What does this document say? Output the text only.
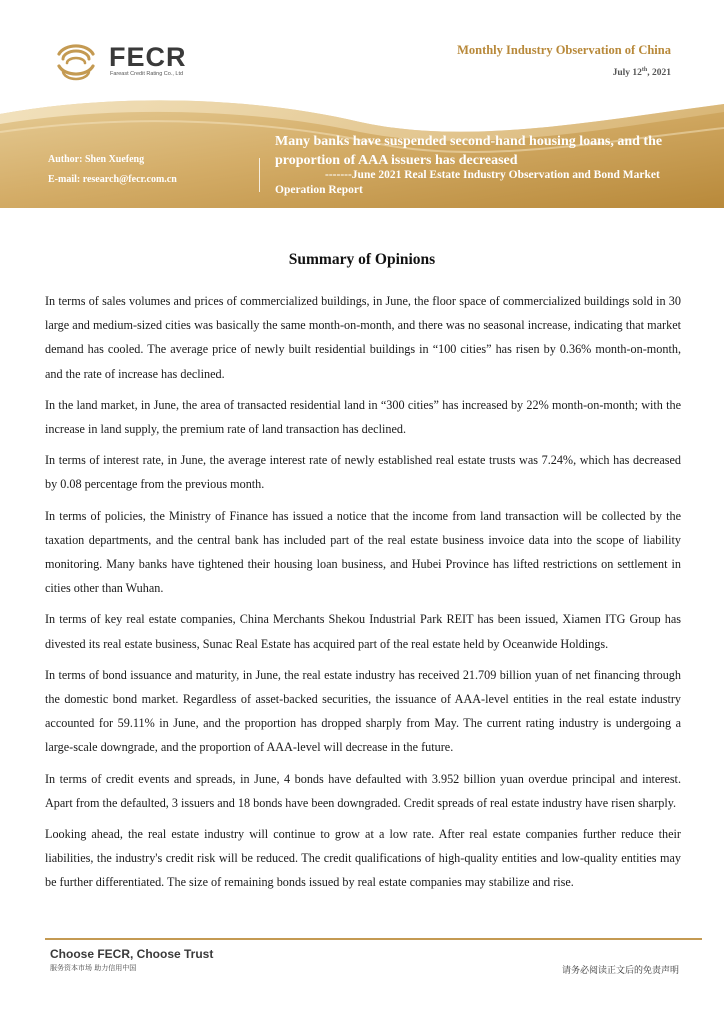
FECR
Fareast Credit Rating Co., Ltd
Monthly Industry Observation of China
July 12th, 2021
Author: Shen Xuefeng
E-mail: research@fecr.com.cn
Many banks have suspended second-hand housing loans, and the proportion of AAA issuers has decreased
-------June 2021 Real Estate Industry Observation and Bond Market Operation Report
Summary of Opinions

In terms of sales volumes and prices of commercialized buildings, in June, the floor space of commercialized buildings sold in 30 large and medium-sized cities was basically the same month-on-month, and there was no seasonal increase, indicating that market demand has cooled. The average price of newly built residential buildings in “100 cities” has risen by 0.36% month-on-month, and the rate of increase has declined.

In the land market, in June, the area of transacted residential land in “300 cities” has increased by 22% month-on-month; with the increase in land supply, the premium rate of land transaction has declined.

In terms of interest rate, in June, the average interest rate of newly established real estate trusts was 7.24%, which has decreased by 0.08 percentage from the previous month.

In terms of policies, the Ministry of Finance has issued a notice that the income from land transaction will be collected by the taxation departments, and the central bank has included part of the real estate business invoice data into the scope of liability monitoring. Many banks have tightened their housing loan business, and Hubei Province has lifted restrictions on settlement in cities other than Wuhan.

In terms of key real estate companies, China Merchants Shekou Industrial Park REIT has been issued, Xiamen ITG Group has divested its real estate business, Sunac Real Estate has acquired part of the real estate held by Oceanwide Holdings.

In terms of bond issuance and maturity, in June, the real estate industry has received 21.709 billion yuan of net financing through the domestic bond market. Regardless of asset-backed securities, the issuance of AAA-level entities in the real estate industry accounted for 59.11% in June, and the proportion has dropped sharply from May. The current rating industry is undergoing a large-scale downgrade, and the proportion of AAA-level will decrease in the future.

In terms of credit events and spreads, in June, 4 bonds have defaulted with 3.952 billion yuan overdue principal and interest. Apart from the defaulted, 3 issuers and 18 bonds have been downgraded. Credit spreads of real estate industry have risen sharply.

Looking ahead, the real estate industry will continue to grow at a low rate. After real estate companies further reduce their liabilities, the industry's credit risk will be reduced. The credit qualifications of high-quality entities and low-quality entities may be further differentiated. The size of remaining bonds issued by real estate companies may stabilize and rise.

Choose FECR, Choose Trust
服务资本市场 助力信用中国	请务必阅读正文后的免责声明
